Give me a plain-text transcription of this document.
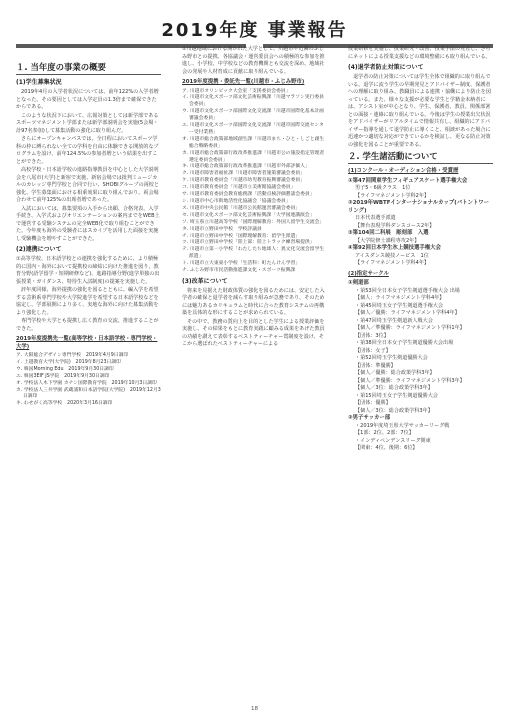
2019年度 事業報告
１. 当年度の事業の概要
(1)学生募集状況

2019年4月の入学者状況については、前年122%の入学者増となった。その要因としては入学定員の1.3倍まで確保できたからである。

このような状況下において、広報対策としては新学部であるスポーツマネジメント学部または新学部説明会を実施(5会場・計97名参加)して募集活動の強化に取り組んだ。

さらにオープンキャンパスでは、全日程においてスポーツ学科の枠に縛られない全ての学科を自由に体験できる開放的なプログラムを設け、前年124.5%の参加者増という結果を出すことができた。

高校学校・日本語学校の進路指導教員を中心とした大学説明会を八尾市(大学)と新宿で実施、新宿会場では批判ミュージカルのカレッジ専門学校と合同で行い、SHOBIグループの両校と強化、学生募集面における相乗効果に取り組んでおり、両会場合わせて前年125%の出席者増であった。

入試においては、募集要項の入手から出願、合格発表、入学手続き、入学式およびオリエンテーションの案内までをWEB上で運営する受験システムの完全WEB化で取り組むことができた。今年度も海外の受験者にはスカイプを活用した面接を実施し受験機会を増やすことができた。

(2)連携について

①高等学校、日本語学校との連携を強化するために、より積極的に国内・海外において提携校の締結に向けた推進を図り、教育分野(語学留学・短期研修など)、進路指導分野(進学単独の出張授業・ガイダンス、特待生入試制度)の提案を実施した。

評年度同様、海外提携の強化を図るとともに、編入学を希望する芸術系専門学校や大学院進学を希望する日本語学校などを協定し、学部展開により多く、実地な海外に向けた募集活動をより強化した。

専門学校や大学とも提携し広く教育の交流、推進することができた。

2019年度提携先一覧(高等学校・日本語学校・専門学校・大学)
ア. 大阪総合デザイン専門学校　2019年4月9日調印
イ. 上越教育大学(大学院)　2019年8月23日調印
ウ. 韓国Morning Edu　2019年9月30日調印
エ. 韓国3EIF JS学院　2019年9月30日調印
オ. 学校法人木下学園 カナン国際教育学院　2019年10月3日調印
カ. 学校法人三井学園 武蔵浦和日本語学院(大学院)　2019年12月3日調印
キ. わせがく高等学校　2020年3月16日調印

②川越地域における開かれた大学として、川越市や近隣のふじみ野市との提携、各協議会・運営委員会への積極的な参加を推進し、小学校、中学校などの教育機関とも交流を深め、地域社会の発展や人材育成に貢献に取り組んでいる。

2019年度提携・委託先一覧(川越市・ふじみ野市)
ア. 川越市オリンピック大会室「支援委員会委員」
イ. 川越市文化スポーツ部文化芸術振興課「川越マラソン実行委員会委員」
ウ. 川越市文化スポーツ部国際文化交流課「川越市国際化基本計画審議会委員」
エ. 川越市文化スポーツ部国際文化交流課「川越市国際交流センター受付業務」
オ. 川越市総合政策部地域創生課「川越市まち・ひと・しごと創生総合戦略委員」
カ. 川越市総合政策部行政改革推進課「川越市公の施設指定管理者選定委員会委員」
キ. 川越市総合政策部行政改革推進課「川越市外部評価人」
ク. 川越市障害者福祉課「川越市障害者施策審議会委員」
ケ. 川越市教育委員会「川越市幼児教育振興審議会委員」
コ. 川越市教育委員会「川越市立美術館協議会委員」
サ. 川越市教育委員会教育総務課「活動点検評価懇談会委員」
シ. 川越市中心市街地活性化協議会「協議会委員」
ス. 川越市中央公民館「川越市公民館運営審議会委員」
セ. 川越市文化スポーツ部文化芸術振興課「大学国連講演会」
ソ. 埼玉県立川越高等学校「国際理解教育：外国人留学生交流会」
タ. 川越市立野田中学校　学校評議員
チ. 川越市立野田中学校「国際理解教育：留学生派遣」
ツ. 川越市立野田中学校「陸上部：陸上トラック練習場提供」
テ. 川越市立第一小学校「わたしたち地球人：異文化交流会留学生派遣」
ト. 川越市立大東東小学校「生活科：町たんけん学習」
ナ. ふじみ野市市民活動推進課文化・スポーツ振興課
(3)改革について

将来を見据えた財政体質の強化を図るためには、安定した入学者の確保と退学者を減らす取り組みが急務であり、そのためには魅力あるカリキュラムと時代に合った教育システムの再構築を具体的な形にすることが求められている。

その中で、教務の質向上を目的とした学生による授業評価を実施し、その結果をもとに教育実践に顧みる成果をあげた教員の功績を讃えて表彰するベストティーチャー賞制度を設け、そこから選ばれたベストティーチャーによる

授業研修を実施し、授業研究・改善、授業手法の見直し、さらにネットによる授業支援などの環境整備にも取り組んでいる。

(4)退学者防止対策について

退学者の防止対策については学生全体で組織的に取り組んでいる。退学に流う学生の早期発見とアドバイザー制度、保護者への理解に取り組み、教職員による連携・協働により防止を図っている。また、様々な支援が必要な学生と学籍金未納者には、アシスト室が中心となり、学生、保護者、教員、関係部署との面接・連絡に取り組んでいる。今後は学生の授業出欠状況をアドバイザーがリアルタイムで情報共有し、組織的にアドバイザー指導を通して退学防止に導くこと、相談があった場合に迅速かつ適切な対応ができているかを検証し、更なる防止対策の強化を図ることが重要である。

２. 学生諸活動について
(1)コンクール・オーディション合格・受賞歴
①第47回関東学生フィギュアスケート選手権大会
男子5・6級クラス　1位
【ライフマネジメント学科2年】
②2019年WBTFインターナショナルカップ(バトントワーリング)
日本代表選手派遣
【舞台表現学科ダンスコース2年】
③第104回二科展　彫刻部　入選
【大学院修士課程専攻2年】
④第92回日本学生氷上競技選手権大会
アイスダンス競技ノービス　1位
【ライフマネジメント学科4年】
(2)指定サークル
①剣道部
・第53回全日本女子学生剣道選手権大会 出場
【個人：ライフマネジメント学科4年】
・第45回埼玉女子学生剣道選手権大会
【個人／優勝：ライフマネジメント学科4年】
・第47回埼玉学生剣道新人戦大会
【個人／準優勝：ライフマネジメント学科1年】
【団体：3位】
・第38回全日本女子学生剣道優勝大会出場
【団体：女子】
・第52回埼玉学生剣道優勝大会
【団体：準優勝】
【個人／優勝：総合政策学科3年】
【個人／準優勝：ライフマネジメント学科3年】
【個人／3位：総合政策学科3年】
・第15回埼玉女子学生剣道優勝大会
【団体：優勝】
【個人／3位：総合政策学科3年】
②男子サッカー部
・2019年度埼玉県大学サッカーリーグ戦
【1部：2位、2部：7位】
・インディペンデンスリーグ関東
【関東：4位、後期：6位】
18
